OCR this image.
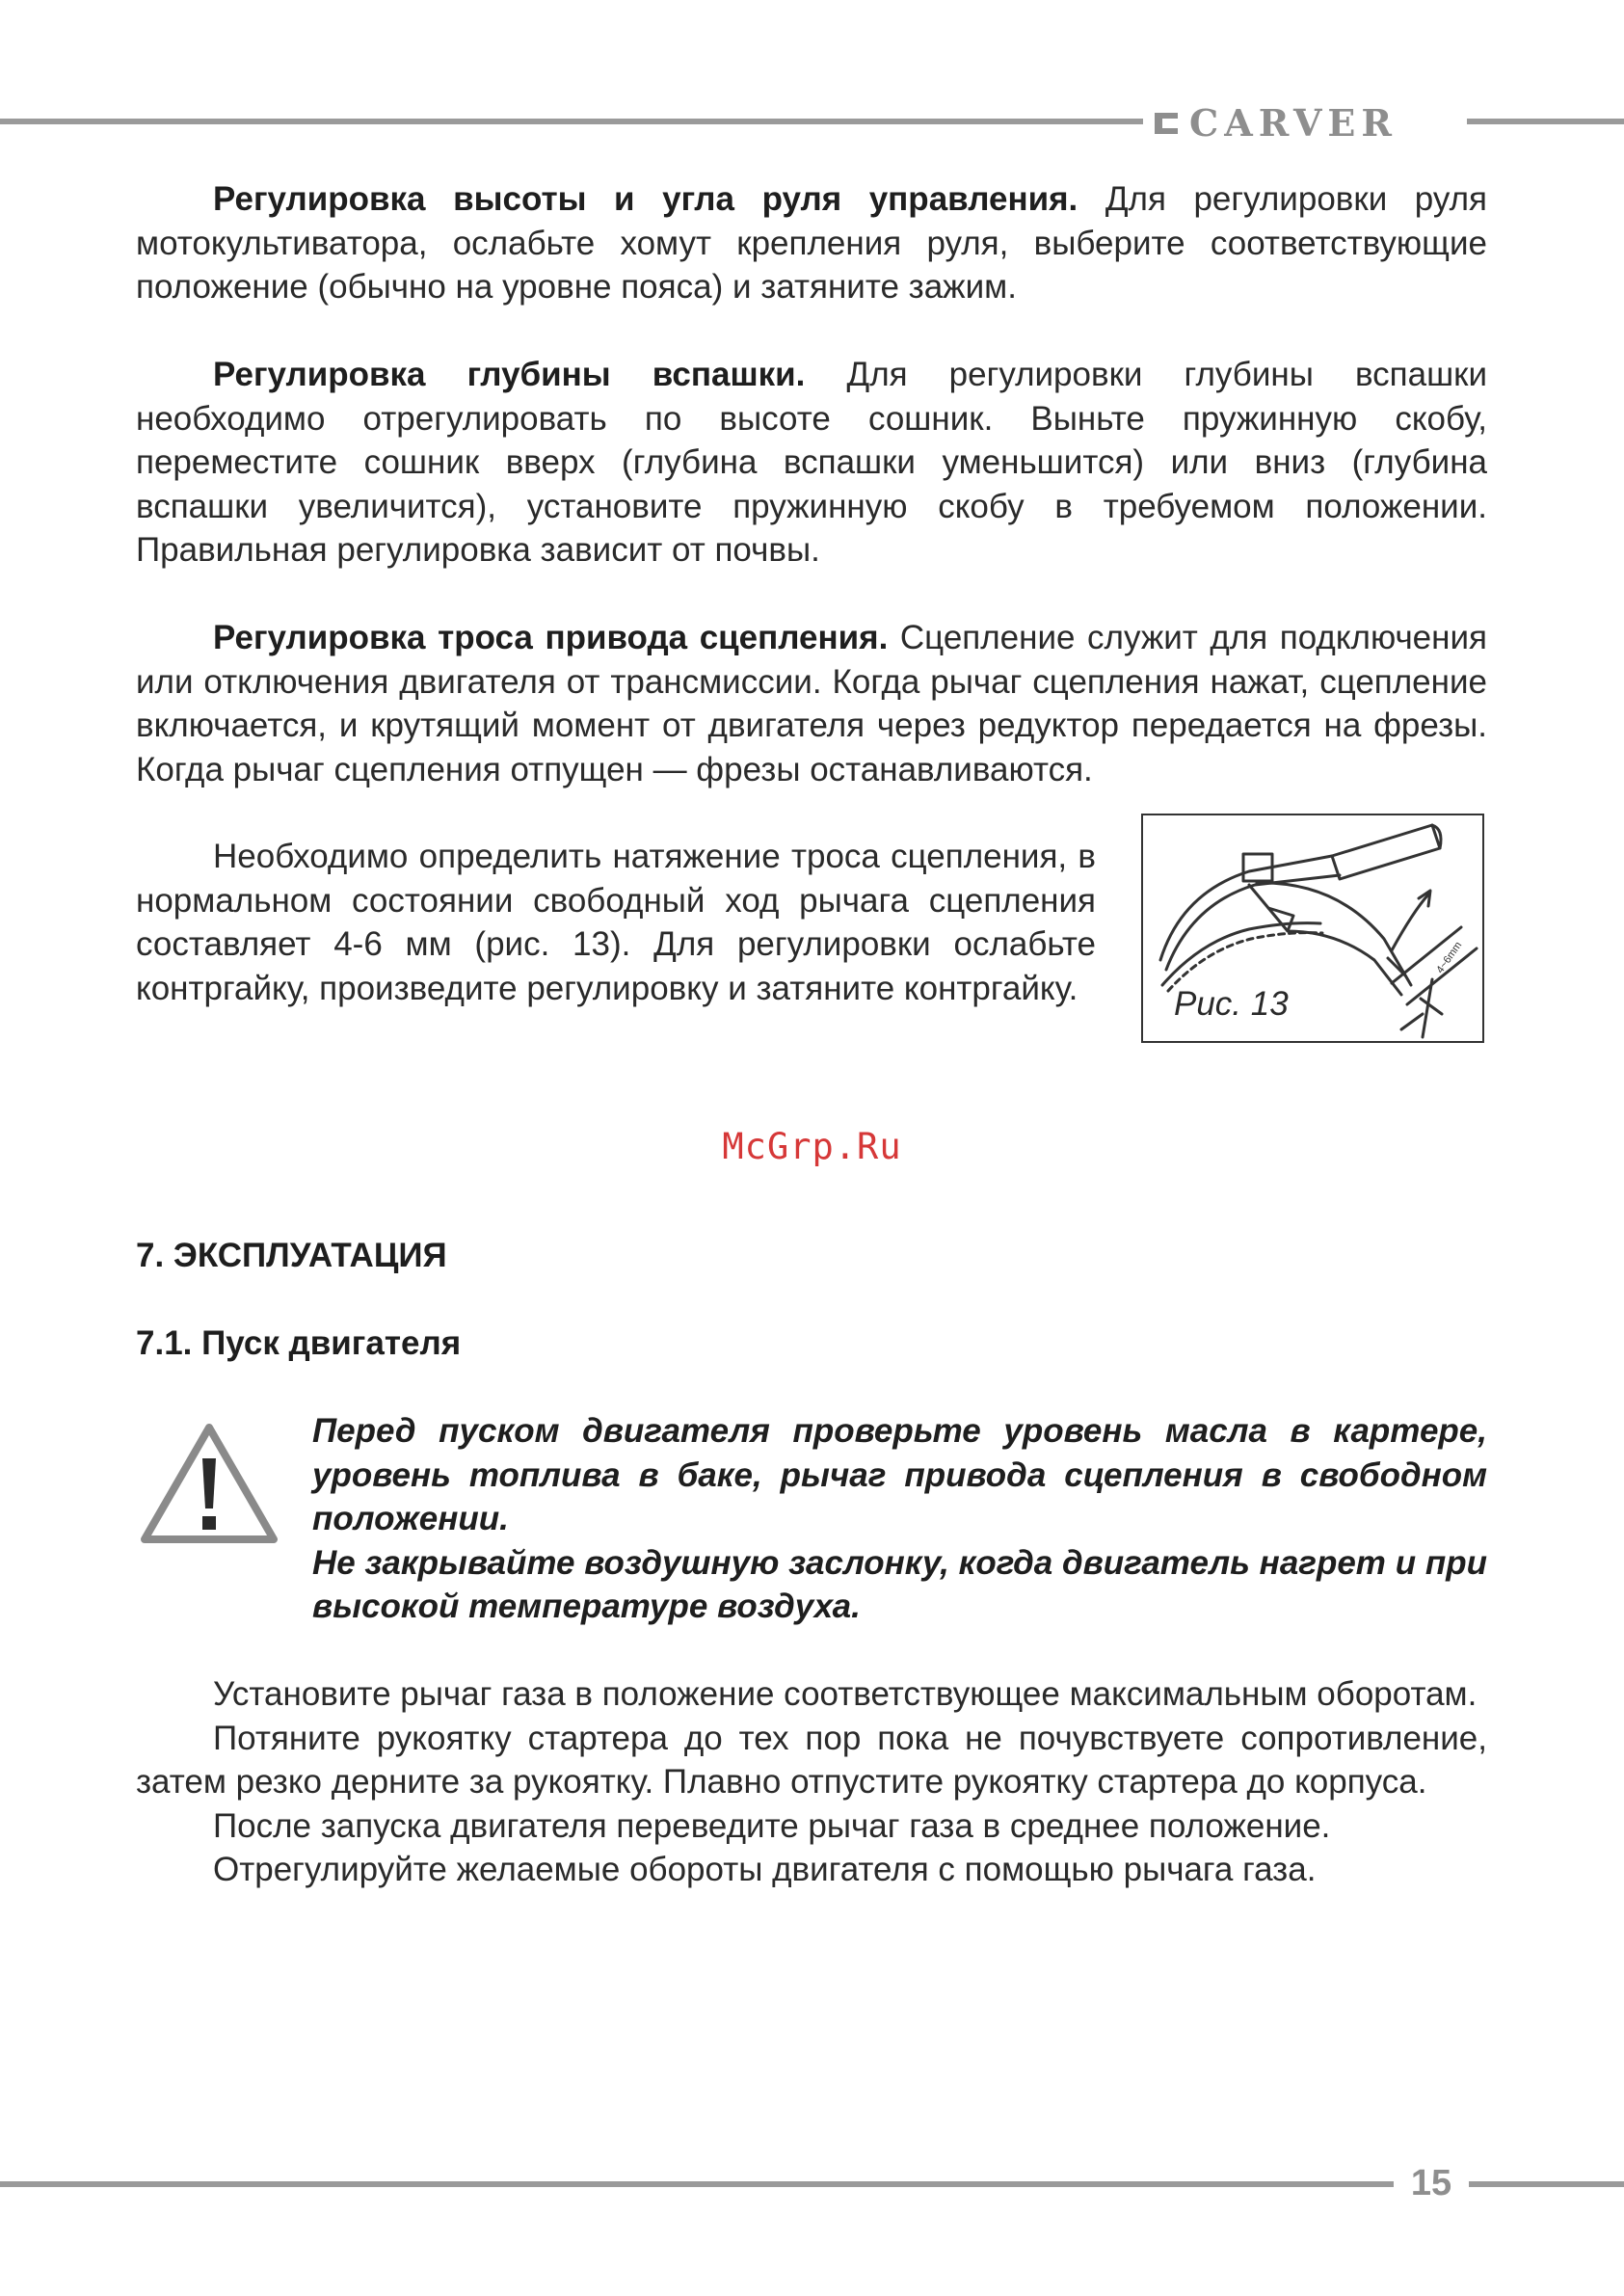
CARVER

Регулировка высоты и угла руля управления. Для регулировки руля мотокультиватора, ослабьте хомут крепления руля, выберите соответствующие положение (обычно на уровне пояса) и затяните зажим.

Регулировка глубины вспашки. Для регулировки глубины вспашки необходимо отрегулировать по высоте сошник. Выньте пружинную скобу, переместите сошник вверх (глубина вспашки уменьшится) или вниз (глубина вспашки увеличится), установите пружинную скобу в требуемом положении. Правильная регулировка зависит от почвы.

Регулировка троса привода сцепления. Сцепление служит для подключения или отключения двигателя от трансмиссии. Когда рычаг сцепления нажат, сцепление включается, и крутящий момент от двигателя через редуктор передается на фрезы. Когда рычаг сцепления отпущен — фрезы останавливаются.

Необходимо определить натяжение троса сцепления, в нормальном состоянии свободный ход рычага сцепления составляет 4-6 мм (рис. 13). Для регулировки ослабьте контргайку, произведите регулировку и затяните контргайку.

4~6mm
Рис. 13
McGrp.Ru
7. ЭКСПЛУАТАЦИЯ
7.1. Пуск двигателя

Перед пуском двигателя проверьте уровень масла в картере, уровень топлива в баке, рычаг привода сцепления в свободном положении.

Не закрывайте воздушную заслонку, когда двигатель нагрет и при высокой температуре воздуха.

Установите рычаг газа в положение соответствующее максимальным оборотам.

Потяните рукоятку стартера до тех пор пока не почувствуете сопротивление, затем резко дерните за рукоятку. Плавно отпустите рукоятку стартера до корпуса.

После запуска двигателя переведите рычаг газа в среднее положение.

Отрегулируйте желаемые обороты двигателя с помощью рычага газа.

15
